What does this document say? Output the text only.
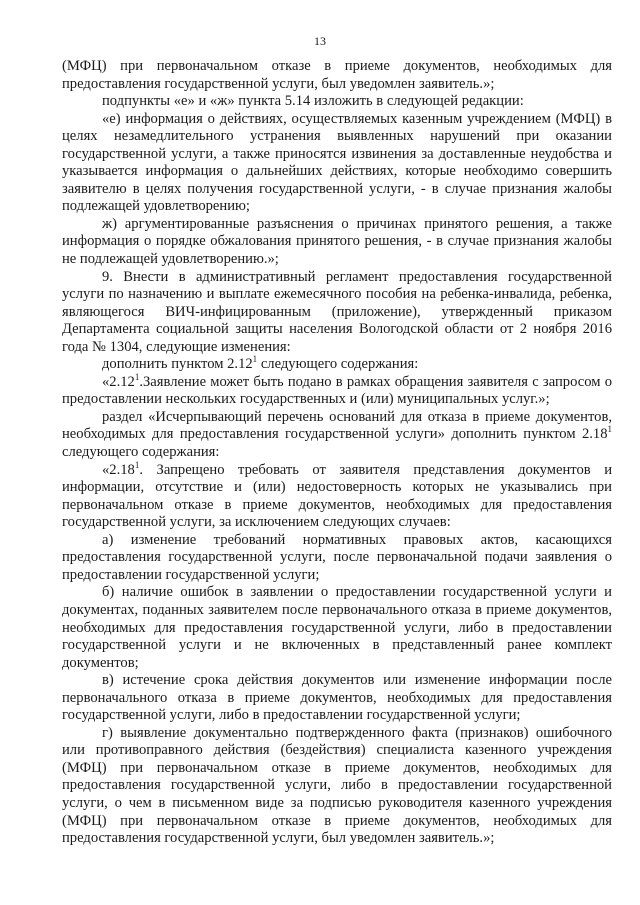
13

(МФЦ) при первоначальном отказе в приеме документов, необходимых для предоставления государственной услуги, был уведомлен заявитель.»;

подпункты «е» и «ж» пункта 5.14 изложить в следующей редакции:

«е) информация о действиях, осуществляемых казенным учреждением (МФЦ) в целях незамедлительного устранения выявленных нарушений при оказании государственной услуги, а также приносятся извинения за доставленные неудобства и указывается информация о дальнейших действиях, которые необходимо совершить заявителю в целях получения государственной услуги, - в случае признания жалобы подлежащей удовлетворению;

ж) аргументированные разъяснения о причинах принятого решения, а также информация о порядке обжалования принятого решения, - в случае признания жалобы не подлежащей удовлетворению.»;

9. Внести в административный регламент предоставления государственной услуги по назначению и выплате ежемесячного пособия на ребенка-инвалида, ребенка, являющегося ВИЧ-инфицированным (приложение), утвержденный приказом Департамента социальной защиты населения Вологодской области от 2 ноября 2016 года № 1304, следующие изменения:

дополнить пунктом 2.12$^1$ следующего содержания:

«2.12$^1$.Заявление может быть подано в рамках обращения заявителя с запросом о предоставлении нескольких государственных и (или) муниципальных услуг.»;

раздел «Исчерпывающий перечень оснований для отказа в приеме документов, необходимых для предоставления государственной услуги» дополнить пунктом 2.18$^1$ следующего содержания:

«2.18$^1$. Запрещено требовать от заявителя представления документов и информации, отсутствие и (или) недостоверность которых не указывались при первоначальном отказе в приеме документов, необходимых для предоставления государственной услуги, за исключением следующих случаев:

а) изменение требований нормативных правовых актов, касающихся предоставления государственной услуги, после первоначальной подачи заявления о предоставлении государственной услуги;

б) наличие ошибок в заявлении о предоставлении государственной услуги и документах, поданных заявителем после первоначального отказа в приеме документов, необходимых для предоставления государственной услуги, либо в предоставлении государственной услуги и не включенных в представленный ранее комплект документов;

в) истечение срока действия документов или изменение информации после первоначального отказа в приеме документов, необходимых для предоставления государственной услуги, либо в предоставлении государственной услуги;

г) выявление документально подтвержденного факта (признаков) ошибочного или противоправного действия (бездействия) специалиста казенного учреждения (МФЦ) при первоначальном отказе в приеме документов, необходимых для предоставления государственной услуги, либо в предоставлении государственной услуги, о чем в письменном виде за подписью руководителя казенного учреждения (МФЦ) при первоначальном отказе в приеме документов, необходимых для предоставления государственной услуги, был уведомлен заявитель.»;
